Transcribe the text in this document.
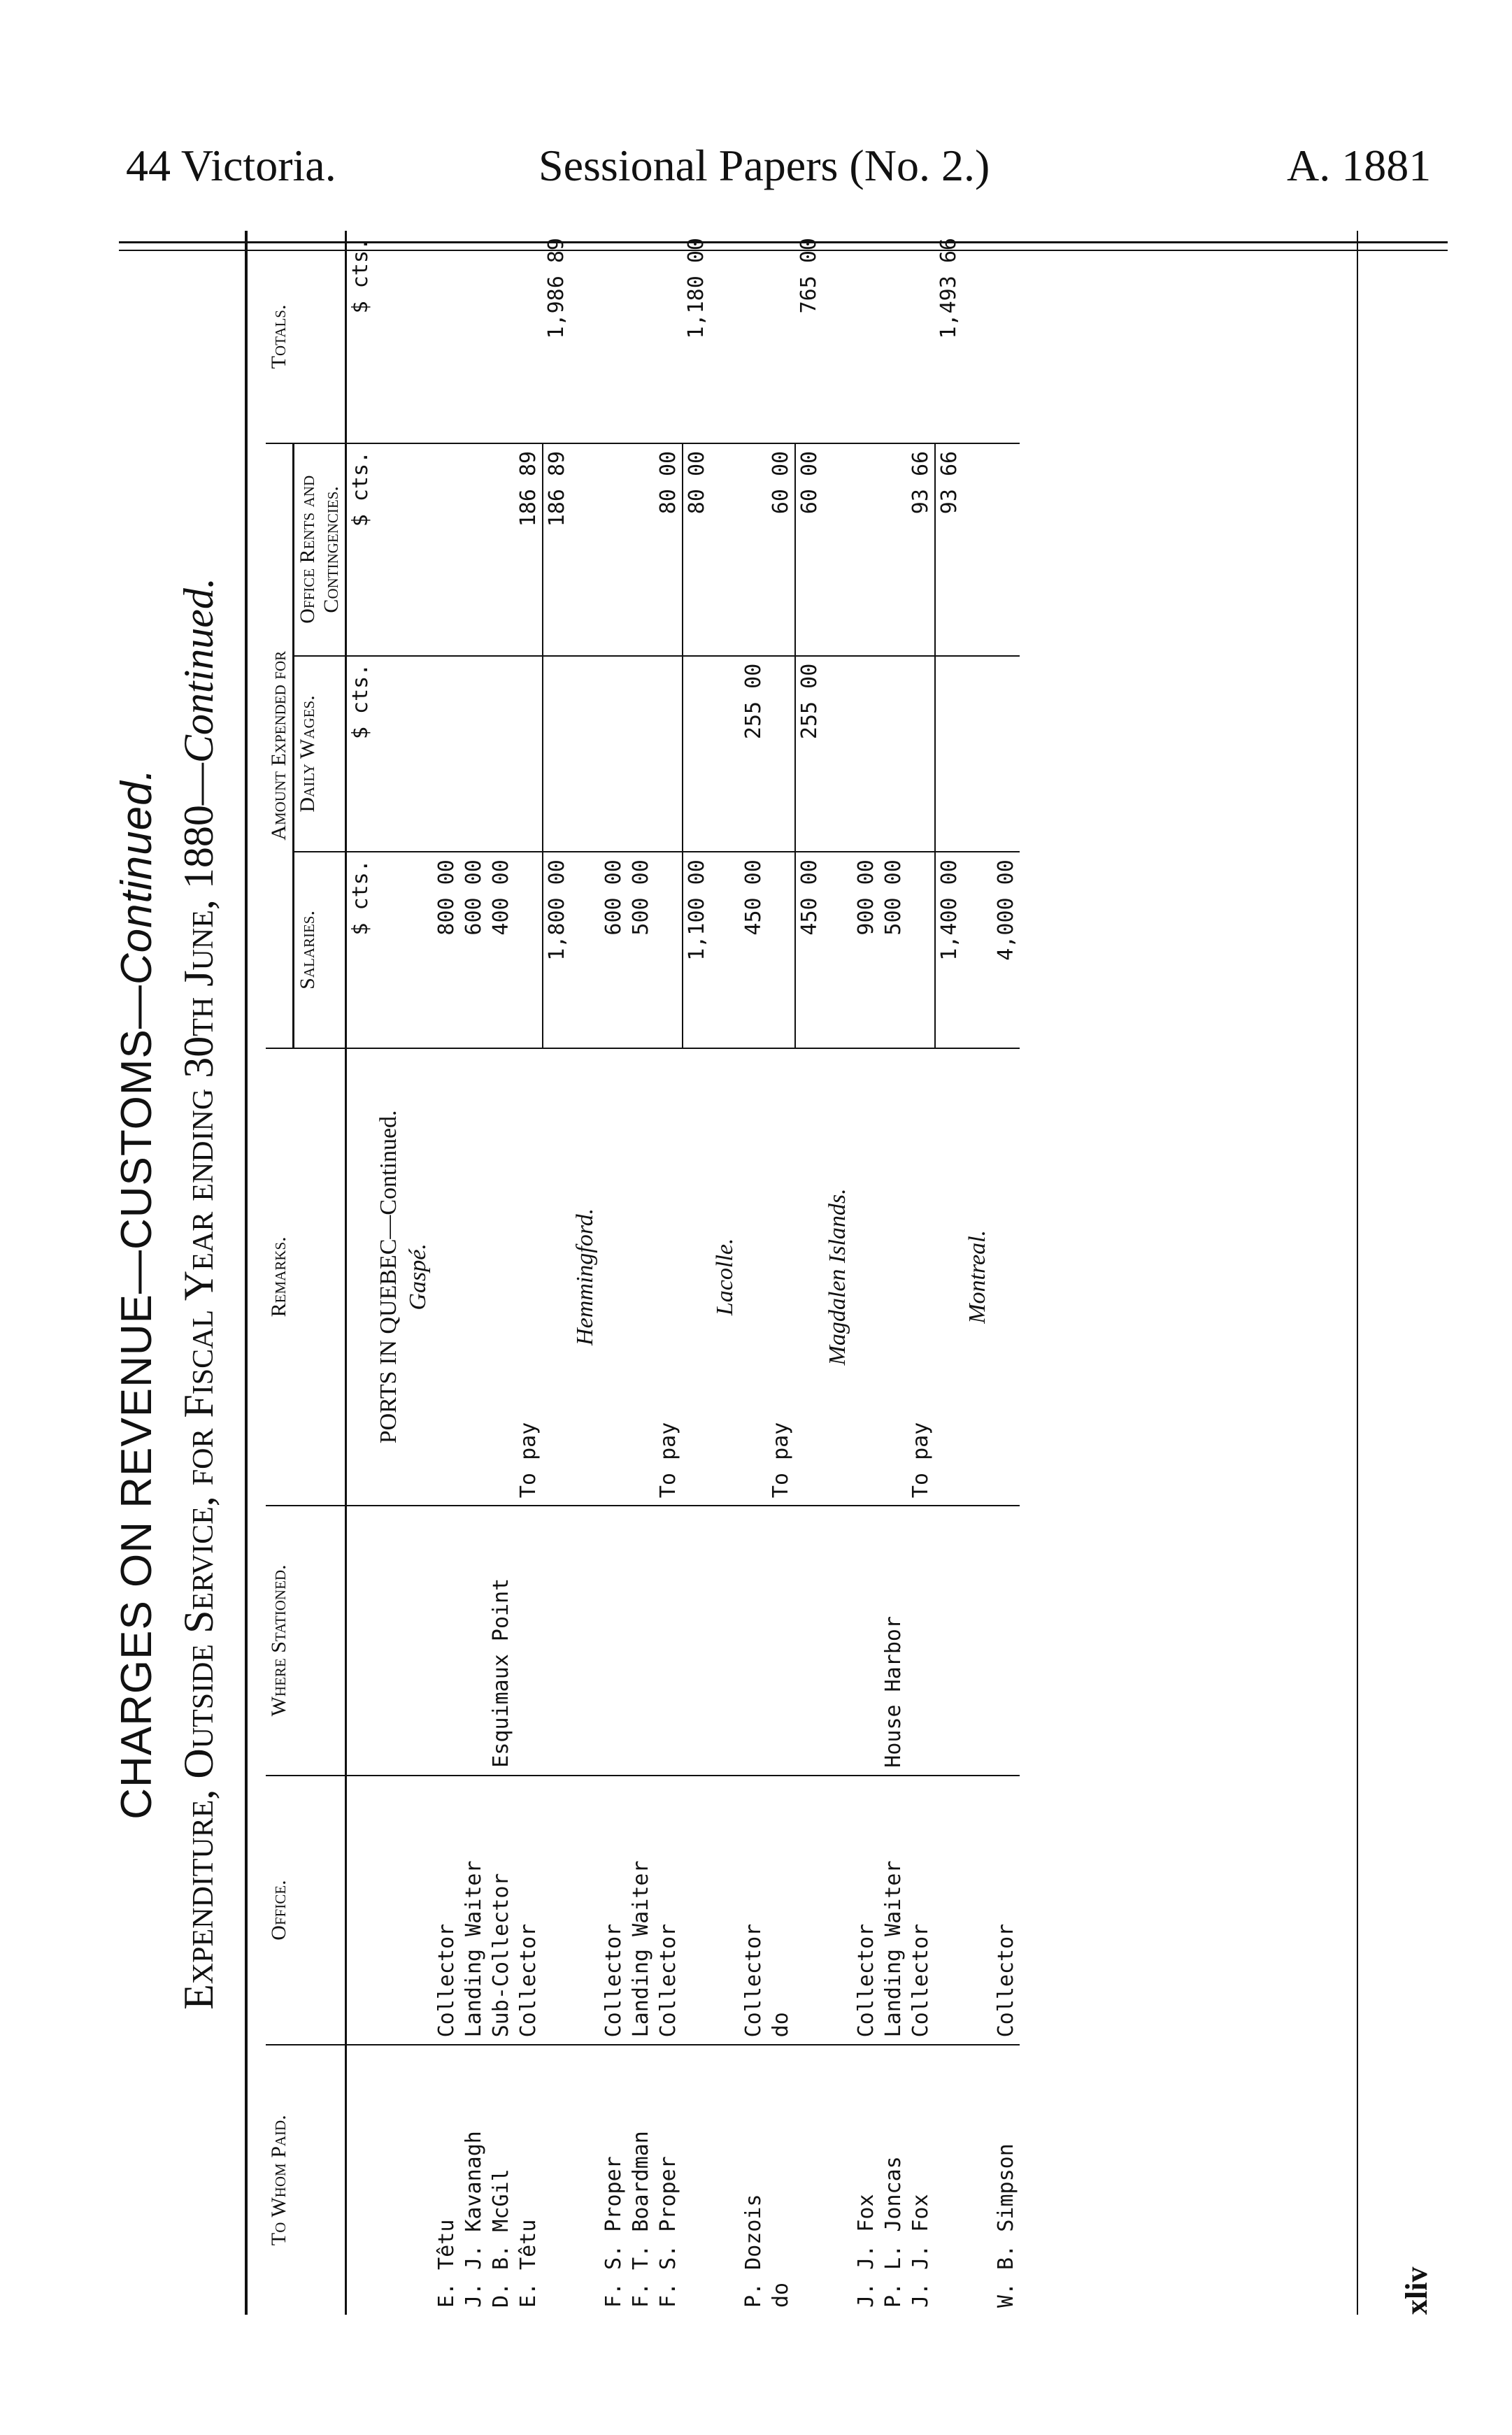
44 Victoria.	Sessional Papers (No. 2.)	A. 1881
CHARGES ON REVENUE—CUSTOMS—Continued. Expenditure, Outside Service, for Fiscal Year ending 30th June, 1880—Continued.
To Whom Paid.	Office.	Where Stationed.	Remarks.	Amount Expended for			Totals.
				Salaries.	Daily Wages.	Office Rents and Contingencies.	
				$ cts.	$ cts.	$ cts.	$ cts.
			PORTS IN QUEBEC—Continued.				
			Gaspé.				
E. Têtu	Collector			800 00			
J. J. Kavanagh	Landing Waiter			600 00			
D. B. McGil	Sub-Collector	Esquimaux Point		400 00			
E. Têtu	Collector		To pay			186 89	
				1,800 00		186 89	1,986 89
			Hemmingford.				
F. S. Proper	Collector			600 00			
F. T. Boardman	Landing Waiter			500 00			
F. S. Proper	Collector		To pay			80 00	
				1,100 00		80 00	1,180 00
			Lacolle.				
P. Dozois	Collector			450 00	255 00		
do	do		To pay			60 00	
				450 00	255 00	60 00	765 00
			Magdalen Islands.				
J. J. Fox	Collector			900 00			
P. L. Joncas	Landing Waiter	House Harbor		500 00			
J. J. Fox	Collector		To pay			93 66	
				1,400 00		93 66	1,493 66
			Montreal.				
W. B. Simpson	Collector			4,000 00			
xliv
